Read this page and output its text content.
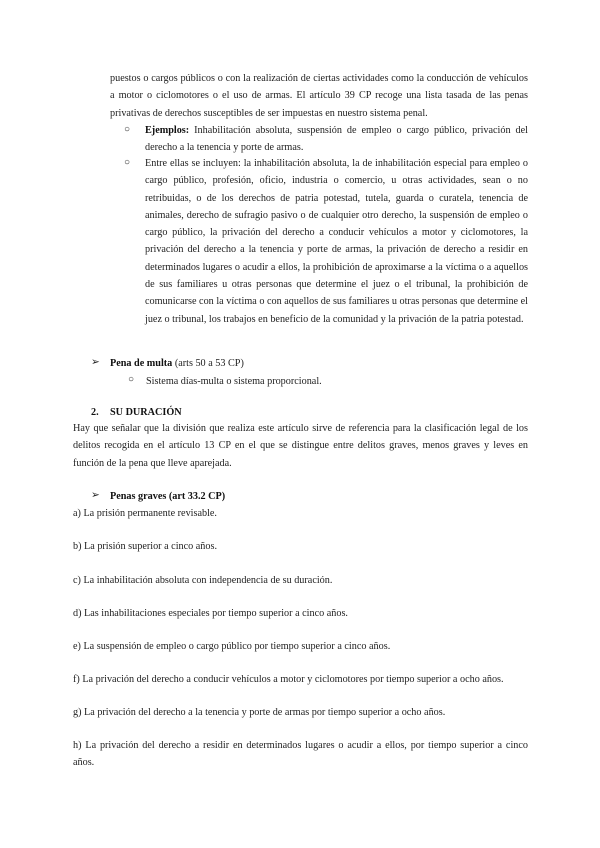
puestos o cargos públicos o con la realización de ciertas actividades como la conducción de vehículos a motor o ciclomotores o el uso de armas. El artículo 39 CP recoge una lista tasada de las penas privativas de derechos susceptibles de ser impuestas en nuestro sistema penal.
○ Ejemplos: Inhabilitación absoluta, suspensión de empleo o cargo público, privación del derecho a la tenencia y porte de armas.
○ Entre ellas se incluyen: la inhabilitación absoluta, la de inhabilitación especial para empleo o cargo público, profesión, oficio, industria o comercio, u otras actividades, sean o no retribuidas, o de los derechos de patria potestad, tutela, guarda o curatela, tenencia de animales, derecho de sufragio pasivo o de cualquier otro derecho, la suspensión de empleo o cargo público, la privación del derecho a conducir vehículos a motor y ciclomotores, la privación del derecho a la tenencia y porte de armas, la privación de derecho a residir en determinados lugares o acudir a ellos, la prohibición de aproximarse a la víctima o a aquellos de sus familiares u otras personas que determine el juez o el tribunal, la prohibición de comunicarse con la víctima o con aquellos de sus familiares u otras personas que determine el juez o tribunal, los trabajos en beneficio de la comunidad y la privación de la patria potestad.
➢ Pena de multa (arts 50 a 53 CP)
○ Sistema días-multa o sistema proporcional.
2. SU DURACIÓN
Hay que señalar que la división que realiza este artículo sirve de referencia para la clasificación legal de los delitos recogida en el artículo 13 CP en el que se distingue entre delitos graves, menos graves y leves en función de la pena que lleve aparejada.
➢ Penas graves (art 33.2 CP)
a) La prisión permanente revisable.
b) La prisión superior a cinco años.
c) La inhabilitación absoluta con independencia de su duración.
d) Las inhabilitaciones especiales por tiempo superior a cinco años.
e) La suspensión de empleo o cargo público por tiempo superior a cinco años.
f) La privación del derecho a conducir vehículos a motor y ciclomotores por tiempo superior a ocho años.
g) La privación del derecho a la tenencia y porte de armas por tiempo superior a ocho años.
h) La privación del derecho a residir en determinados lugares o acudir a ellos, por tiempo superior a cinco años.
